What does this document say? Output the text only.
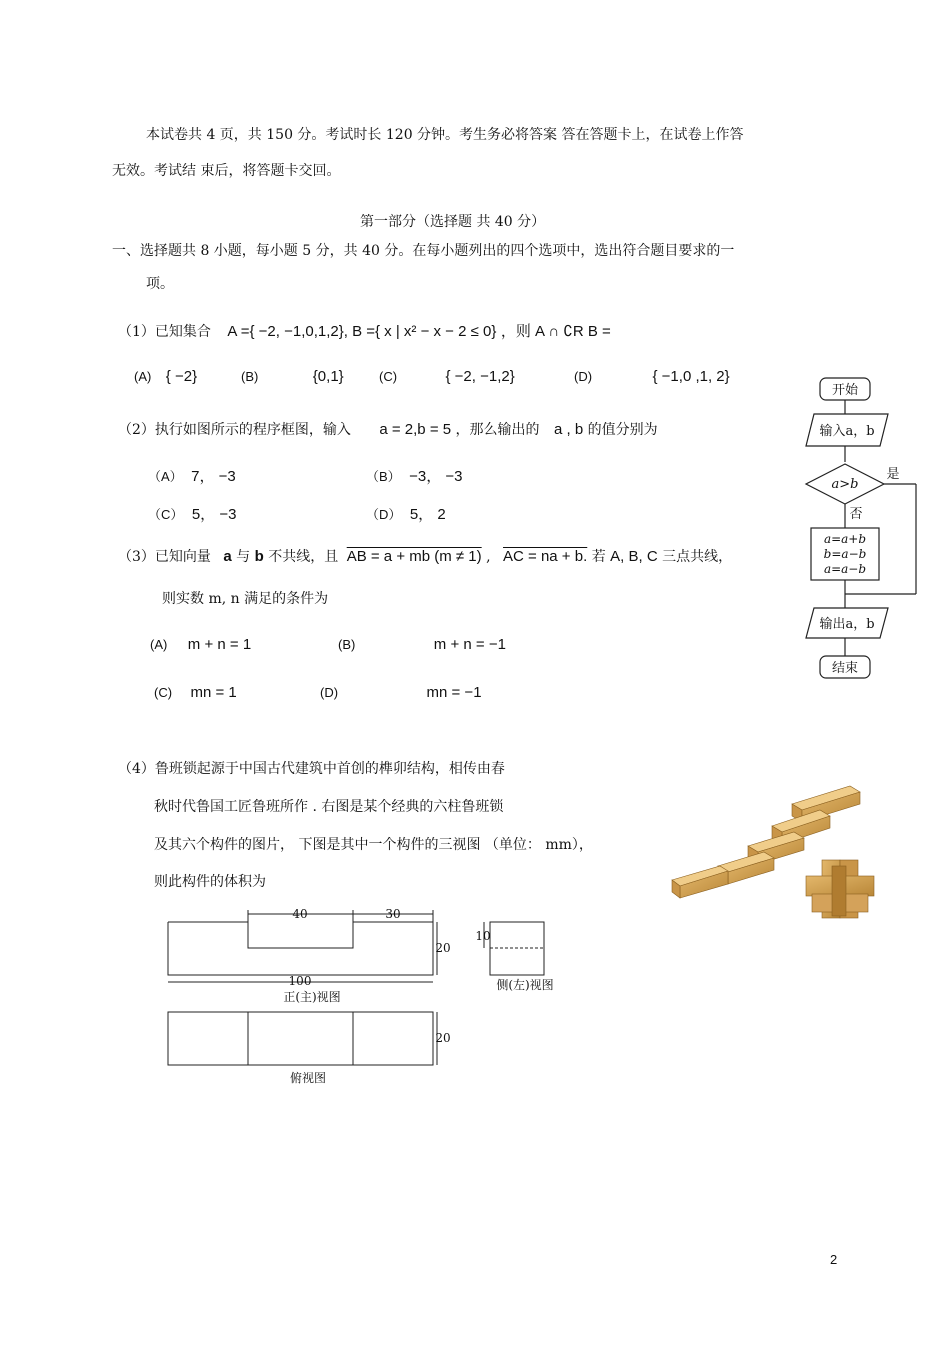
本试卷共 4 页，共 150 分。考试时长 120 分钟。考生务必将答案 答在答题卡上，在试卷上作答
无效。考试结 束后，将答题卡交回。
第一部分（选择题 共 40 分）
一、选择题共 8 小题，每小题 5 分，共 40 分。在每小题列出的四个选项中，选出符合题目要求的一
项。
（1）已知集合 A ={ −2, −1,0,1,2}, B ={ x | x² − x − 2 ≤ 0} ，则 A ∩ ∁R B =
(A) { −2}	(B)	{0,1}	(C)	{ −2, −1,2}	(D)	{ −1,0 ,1, 2}
（2）执行如图所示的程序框图，输入 a = 2,b = 5 ，那么输出的 a , b 的值分别为
（A） 7， −3	（B） −3， −3
（C） 5， −3	（D） 5， 2
（3）已知向量 a 与 b 不共线，且 AB = a + mb (m ≠ 1) , AC = na + b. 若 A, B, C 三点共线，
则实数 m, n 满足的条件为
(A) m + n = 1	(B)	m + n = −1
(C) mn = 1	(D)	mn = −1
开始
输入a，b
a>b
是
否
a=a+b
b=a−b
a=a−b
输出a，b
结束
（4）鲁班锁起源于中国古代建筑中首创的榫卯结构，相传由春
秋时代鲁国工匠鲁班所作 . 右图是某个经典的六柱鲁班锁
及其六个构件的图片， 下图是其中一个构件的三视图 （单位： mm），
则此构件的体积为
40	30
20
100
10
20
正(主)视图
侧(左)视图
俯视图
2
